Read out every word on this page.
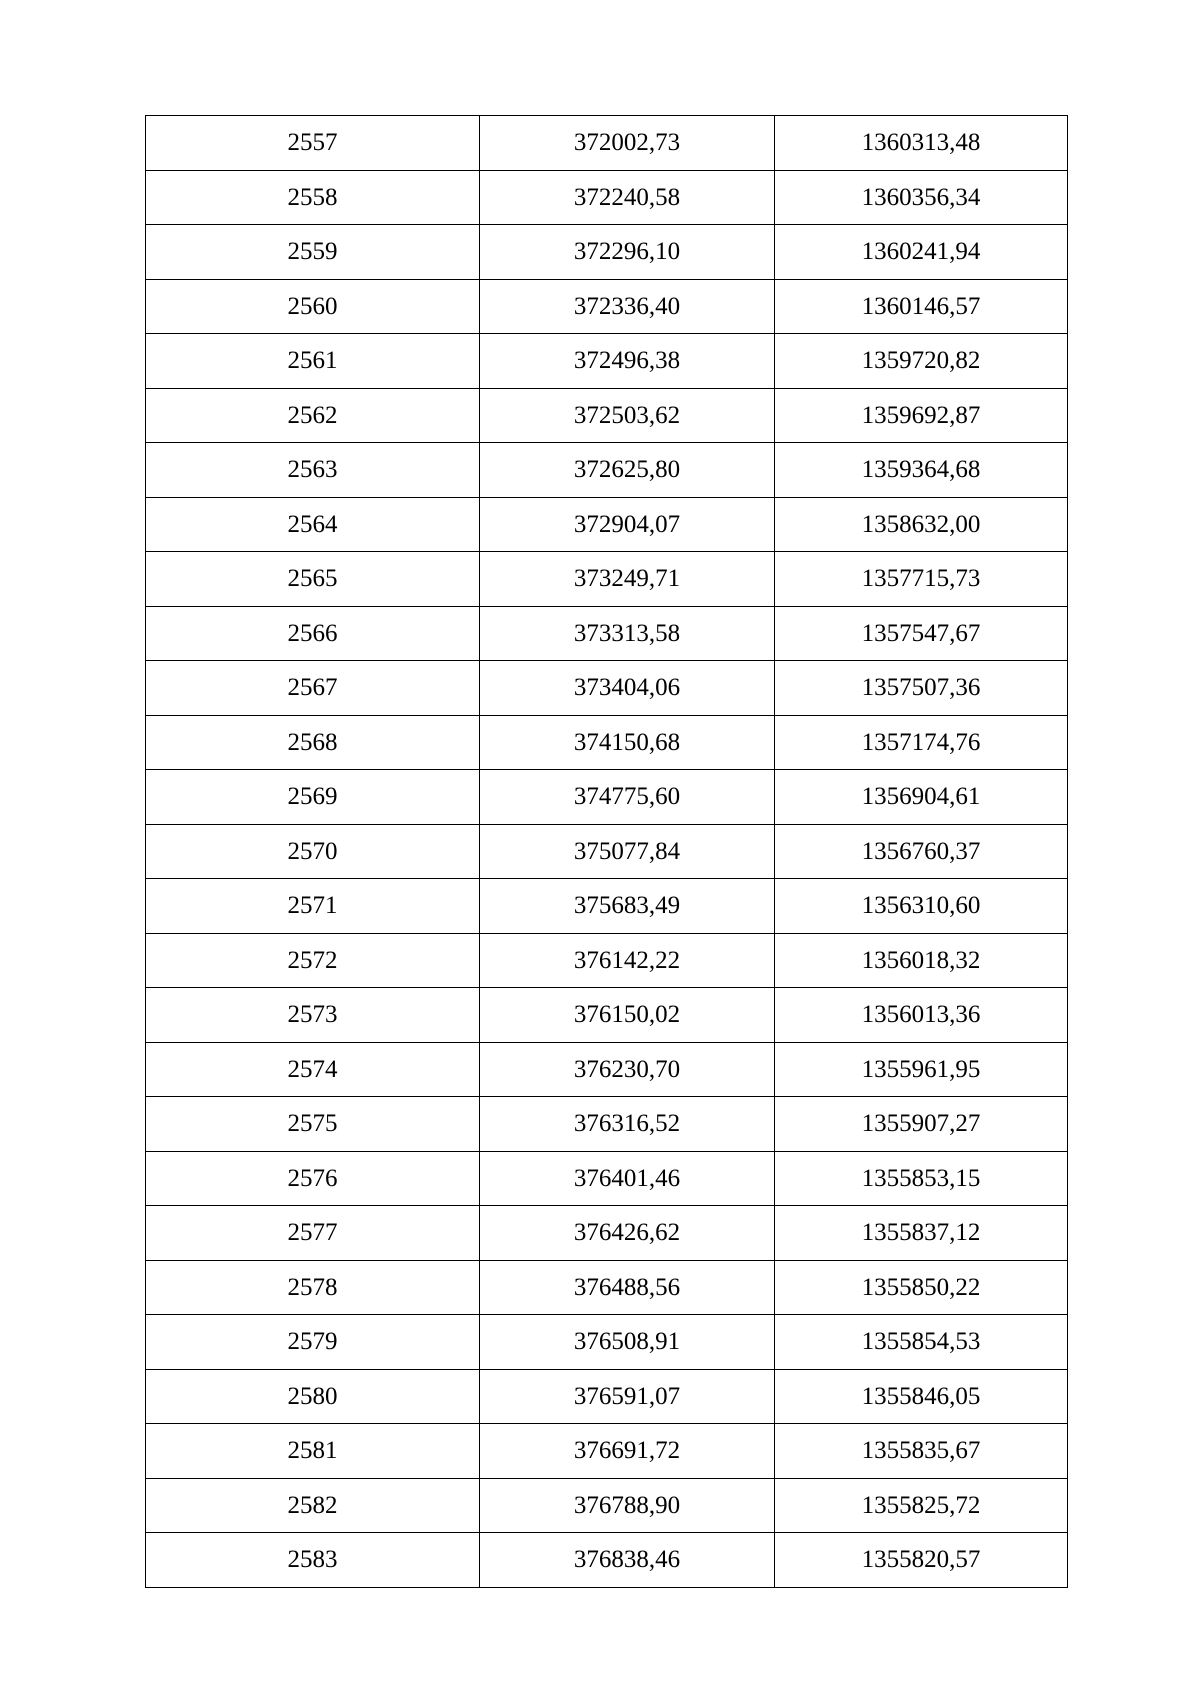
2557	372002,73	1360313,48
2558	372240,58	1360356,34
2559	372296,10	1360241,94
2560	372336,40	1360146,57
2561	372496,38	1359720,82
2562	372503,62	1359692,87
2563	372625,80	1359364,68
2564	372904,07	1358632,00
2565	373249,71	1357715,73
2566	373313,58	1357547,67
2567	373404,06	1357507,36
2568	374150,68	1357174,76
2569	374775,60	1356904,61
2570	375077,84	1356760,37
2571	375683,49	1356310,60
2572	376142,22	1356018,32
2573	376150,02	1356013,36
2574	376230,70	1355961,95
2575	376316,52	1355907,27
2576	376401,46	1355853,15
2577	376426,62	1355837,12
2578	376488,56	1355850,22
2579	376508,91	1355854,53
2580	376591,07	1355846,05
2581	376691,72	1355835,67
2582	376788,90	1355825,72
2583	376838,46	1355820,57
